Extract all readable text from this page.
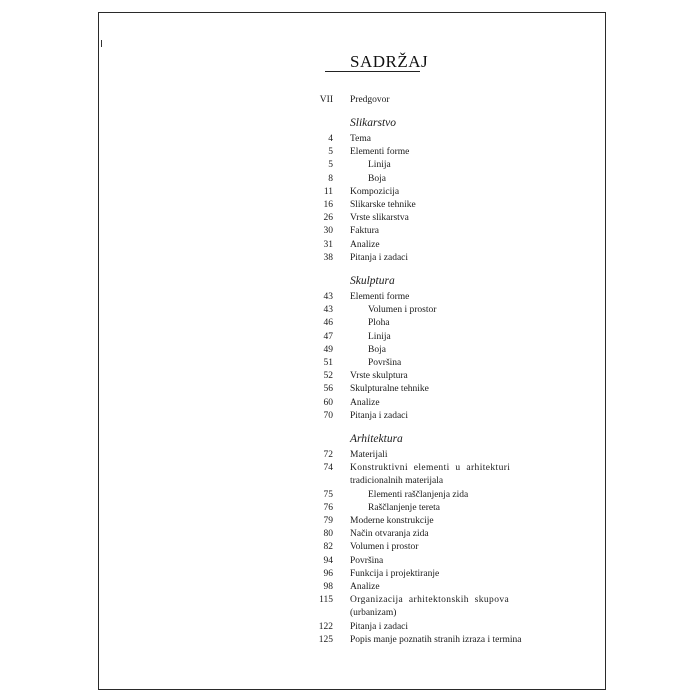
SADRŽAJ
VII Predgovor
Slikarstvo
4 Tema
5 Elementi forme
5	Linija
8	Boja
11 Kompozicija
16 Slikarske tehnike
26 Vrste slikarstva
30 Faktura
31 Analize
38 Pitanja i zadaci
Skulptura
43 Elementi forme
43	Volumen i prostor
46	Ploha
47	Linija
49	Boja
51	Površina
52 Vrste skulptura
56 Skulpturalne tehnike
60 Analize
70 Pitanja i zadaci
Arhitektura
72 Materijali
74 Konstruktivni elementi u arhitekturi
tradicionalnih materijala
75	Elementi raščlanjenja zida
76	Raščlanjenje tereta
79 Moderne konstrukcije
80 Način otvaranja zida
82 Volumen i prostor
94 Površina
96 Funkcija i projektiranje
98 Analize
115 Organizacija arhitektonskih skupova
(urbanizam)
122 Pitanja i zadaci
125 Popis manje poznatih stranih izraza i termina
